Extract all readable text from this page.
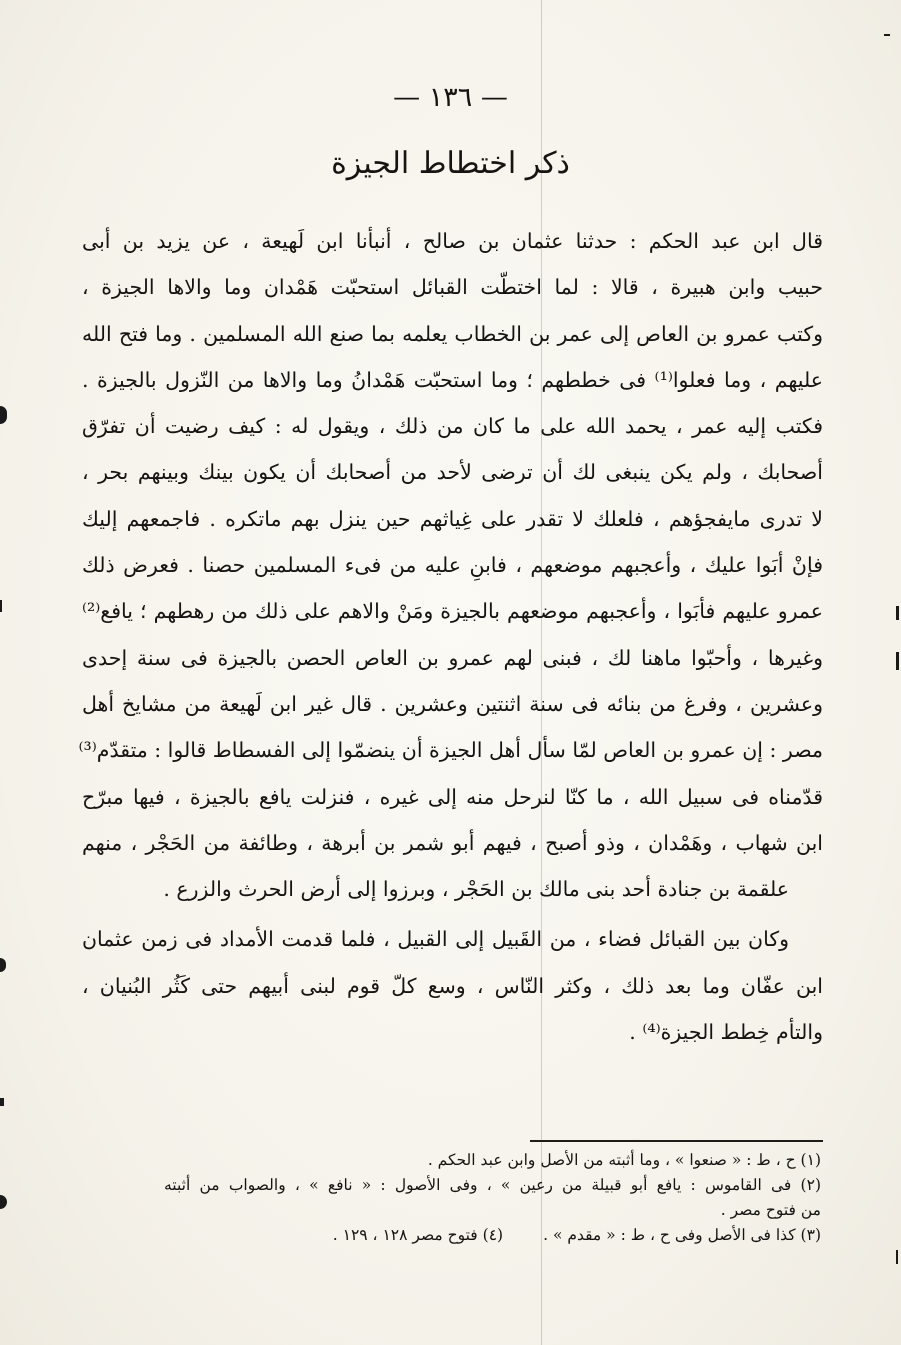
— ١٣٦ —
ذكر اختطاط الجيزة
قال ابن عبد الحكم : حدثنا عثمان بن صالح ، أنبأنا ابن لَهيعة ، عن يزيد بن أبى
حبيب وابن هبيرة ، قالا : لما اختطّت القبائل استحبّت هَمْدان وما والاها الجيزة ،
وكتب عمرو بن العاص إلى عمر بن الخطاب يعلمه بما صنع الله المسلمين . وما فتح الله
عليهم ، وما فعلوا⁽¹⁾ فى خططهم ؛ وما استحبّت هَمْدانُ وما والاها من النّزول بالجيزة .
فكتب إليه عمر ، يحمد الله على ما كان من ذلك ، ويقول له : كيف رضيت أن تفرّق
أصحابك ، ولم يكن ينبغى لك أن ترضى لأحد من أصحابك أن يكون بينك وبينهم بحر ،
لا تدرى مايفجؤهم ، فلعلك لا تقدر على غِياثهم حين ينزل بهم ماتكره . فاجمعهم إليك
فإنْ أبَوا عليك ، وأعجبهم موضعهم ، فابنِ عليه من فىء المسلمين حصنا . فعرض ذلك
عمرو عليهم فأبَوا ، وأعجبهم موضعهم بالجيزة ومَنْ والاهم على ذلك من رهطهم ؛ يافع⁽²⁾
وغيرها ، وأحبّوا ماهنا لك ، فبنى لهم عمرو بن العاص الحصن بالجيزة فى سنة إحدى
وعشرين ، وفرغ من بنائه فى سنة اثنتين وعشرين . قال غير ابن لَهيعة من مشايخ أهل
مصر : إن عمرو بن العاص لمّا سأل أهل الجيزة أن ينضمّوا إلى الفسطاط قالوا : متقدّم⁽³⁾
قدّمناه فى سبيل الله ، ما كنّا لنرحل منه إلى غيره ، فنزلت يافع بالجيزة ، فيها مبرّح
ابن شهاب ، وهَمْدان ، وذو أصبح ، فيهم أبو شمر بن أبرهة ، وطائفة من الحَجْر ، منهم
علقمة بن جنادة أحد بنى مالك بن الحَجْر ، وبرزوا إلى أرض الحرث والزرع .
وكان بين القبائل فضاء ، من القَبيل إلى القبيل ، فلما قدمت الأمداد فى زمن عثمان
ابن عفّان وما بعد ذلك ، وكثر النّاس ، وسع كلّ قوم لبنى أبيهم حتى كَثُر البُنيان ،
والتأم خِطط الجيزة⁽⁴⁾ .
(١) ح ، ط : « صنعوا » ، وما أثبته من الأصل وابن عبد الحكم .
(٢) فى القاموس : يافع أبو قبيلة من رعين » ، وفى الأصول : « نافع » ، والصواب من أثبته
من فتوح مصر .
(٣) كذا فى الأصل وفى ح ، ط : « مقدم » .
(٤) فتوح مصر ١٢٨ ، ١٢٩ .
